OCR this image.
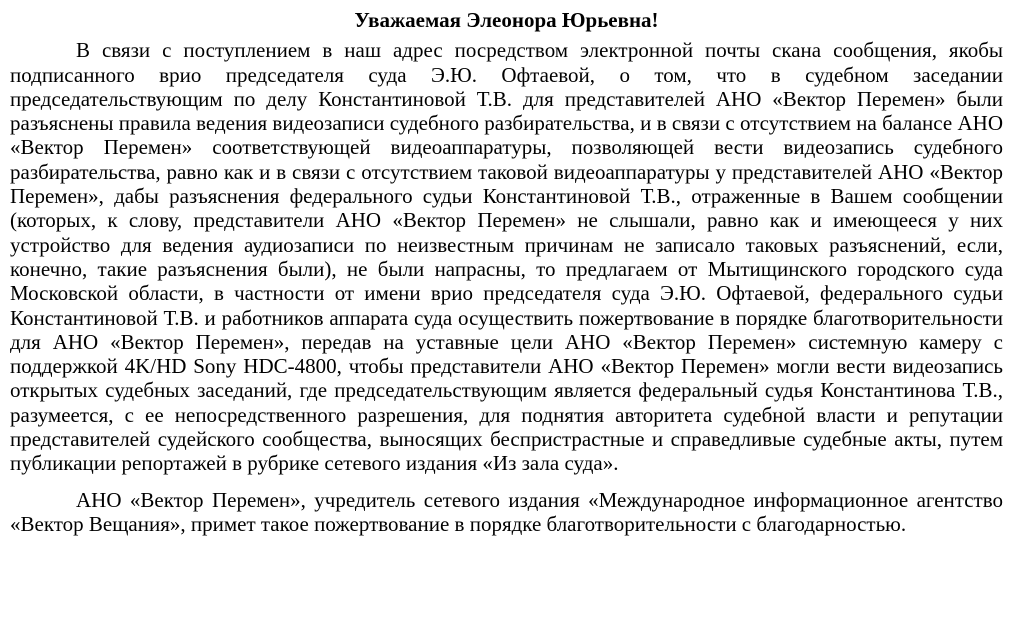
Уважаемая Элеонора Юрьевна!

В связи с поступлением в наш адрес посредством электронной почты скана сообщения, якобы подписанного врио председателя суда Э.Ю. Офтаевой, о том, что в судебном заседании председательствующим по делу Константиновой Т.В. для представителей АНО «Вектор Перемен» были разъяснены правила ведения видеозаписи судебного разбирательства, и в связи с отсутствием на балансе АНО «Вектор Перемен» соответствующей видеоаппаратуры, позволяющей вести видеозапись судебного разбирательства, равно как и в связи с отсутствием таковой видеоаппаратуры у представителей АНО «Вектор Перемен», дабы разъяснения федерального судьи Константиновой Т.В., отраженные в Вашем сообщении (которых, к слову, представители АНО «Вектор Перемен» не слышали, равно как и имеющееся у них устройство для ведения аудиозаписи по неизвестным причинам не записало таковых разъяснений, если, конечно, такие разъяснения были), не были напрасны, то предлагаем от Мытищинского городского суда Московской области, в частности от имени врио председателя суда Э.Ю. Офтаевой, федерального судьи Константиновой Т.В. и работников аппарата суда осуществить пожертвование в порядке благотворительности для АНО «Вектор Перемен», передав на уставные цели АНО «Вектор Перемен» системную камеру с поддержкой 4K/HD Sony HDC-4800, чтобы представители АНО «Вектор Перемен» могли вести видеозапись открытых судебных заседаний, где председательствующим является федеральный судья Константинова Т.В., разумеется, с ее непосредственного разрешения, для поднятия авторитета судебной власти и репутации представителей судейского сообщества, выносящих беспристрастные и справедливые судебные акты, путем публикации репортажей в рубрике сетевого издания «Из зала суда».

АНО «Вектор Перемен», учредитель сетевого издания «Международное информационное агентство «Вектор Вещания», примет такое пожертвование в порядке благотворительности с благодарностью.
